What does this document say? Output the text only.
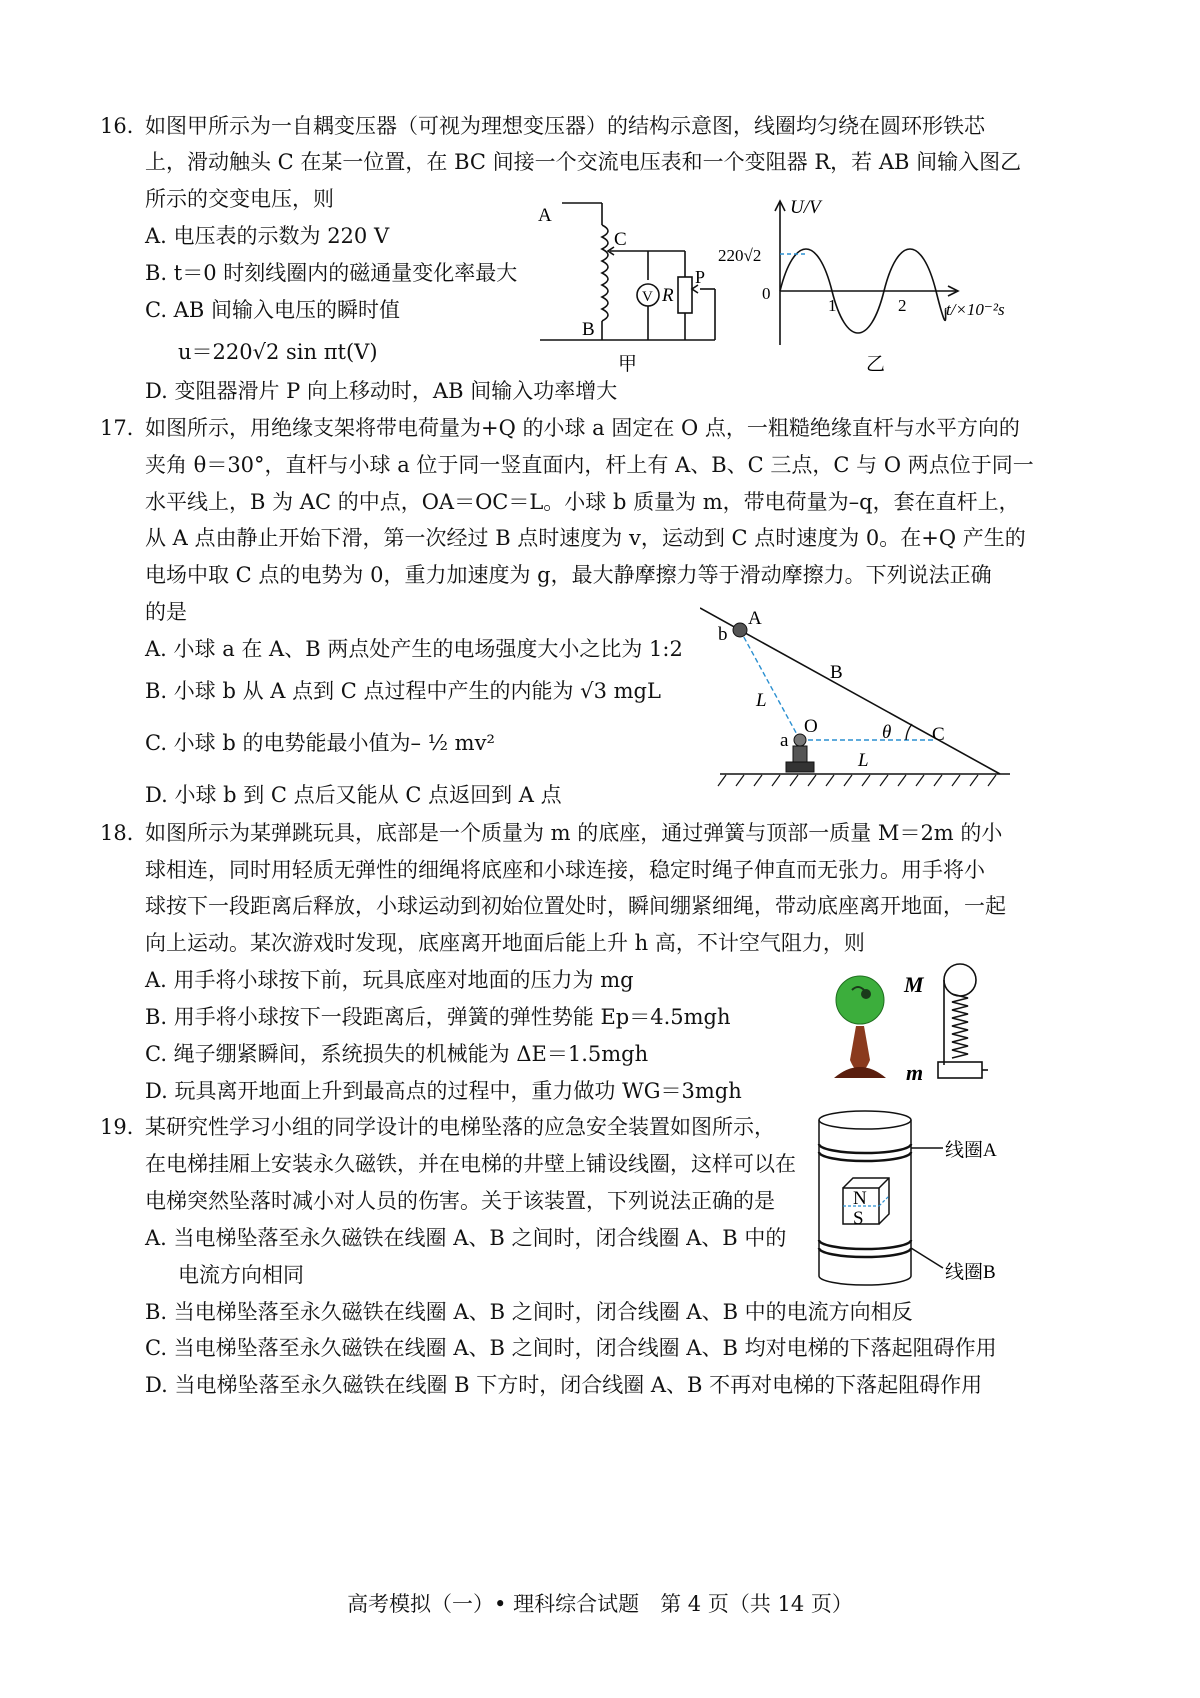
16．
如图甲所示为一自耦变压器（可视为理想变压器）的结构示意图，线圈均匀绕在圆环形铁芯
上，滑动触头 C 在某一位置，在 BC 间接一个交流电压表和一个变阻器 R，若 AB 间输入图乙
所示的交变电压，则
A. 电压表的示数为 220 V
B. t＝0 时刻线圈内的磁通量变化率最大
C. AB 间输入电压的瞬时值
u＝220√2 sin πt(V)
D. 变阻器滑片 P 向上移动时，AB 间输入功率增大
A
C
V R
P
B
甲
U/V
220√2
0
1	2 t/×10⁻²s
乙
17．
如图所示，用绝缘支架将带电荷量为+Q 的小球 a 固定在 O 点，一粗糙绝缘直杆与水平方向的
夹角 θ＝30°，直杆与小球 a 位于同一竖直面内，杆上有 A、B、C 三点，C 与 O 两点位于同一
水平线上，B 为 AC 的中点，OA＝OC＝L。小球 b 质量为 m，带电荷量为–q，套在直杆上，
从 A 点由静止开始下滑，第一次经过 B 点时速度为 v，运动到 C 点时速度为 0。在+Q 产生的
电场中取 C 点的电势为 0，重力加速度为 g，最大静摩擦力等于滑动摩擦力。下列说法正确
的是
A. 小球 a 在 A、B 两点处产生的电场强度大小之比为 1:2
B. 小球 b 从 A 点到 C 点过程中产生的内能为 √3 mgL
C. 小球 b 的电势能最小值为– ½ mv²
D. 小球 b 到 C 点后又能从 C 点返回到 A 点
A
b
B
L
O
a	θ C
L
18．
如图所示为某弹跳玩具，底部是一个质量为 m 的底座，通过弹簧与顶部一质量 M＝2m 的小
球相连，同时用轻质无弹性的细绳将底座和小球连接，稳定时绳子伸直而无张力。用手将小
球按下一段距离后释放，小球运动到初始位置处时，瞬间绷紧细绳，带动底座离开地面，一起
向上运动。某次游戏时发现，底座离开地面后能上升 h 高，不计空气阻力，则
A. 用手将小球按下前，玩具底座对地面的压力为 mg
B. 用手将小球按下一段距离后，弹簧的弹性势能 Ep＝4.5mgh
C. 绳子绷紧瞬间，系统损失的机械能为 ΔE＝1.5mgh
D. 玩具离开地面上升到最高点的过程中，重力做功 WG＝3mgh
M
m
19．
某研究性学习小组的同学设计的电梯坠落的应急安全装置如图所示，
在电梯挂厢上安装永久磁铁，并在电梯的井壁上铺设线圈，这样可以在
电梯突然坠落时减小对人员的伤害。关于该装置，下列说法正确的是
A. 当电梯坠落至永久磁铁在线圈 A、B 之间时，闭合线圈 A、B 中的
电流方向相同
B. 当电梯坠落至永久磁铁在线圈 A、B 之间时，闭合线圈 A、B 中的电流方向相反
C. 当电梯坠落至永久磁铁在线圈 A、B 之间时，闭合线圈 A、B 均对电梯的下落起阻碍作用
D. 当电梯坠落至永久磁铁在线圈 B 下方时，闭合线圈 A、B 不再对电梯的下落起阻碍作用
N
S
线圈A
线圈B
高考模拟（一）• 理科综合试题　第 4 页（共 14 页）
